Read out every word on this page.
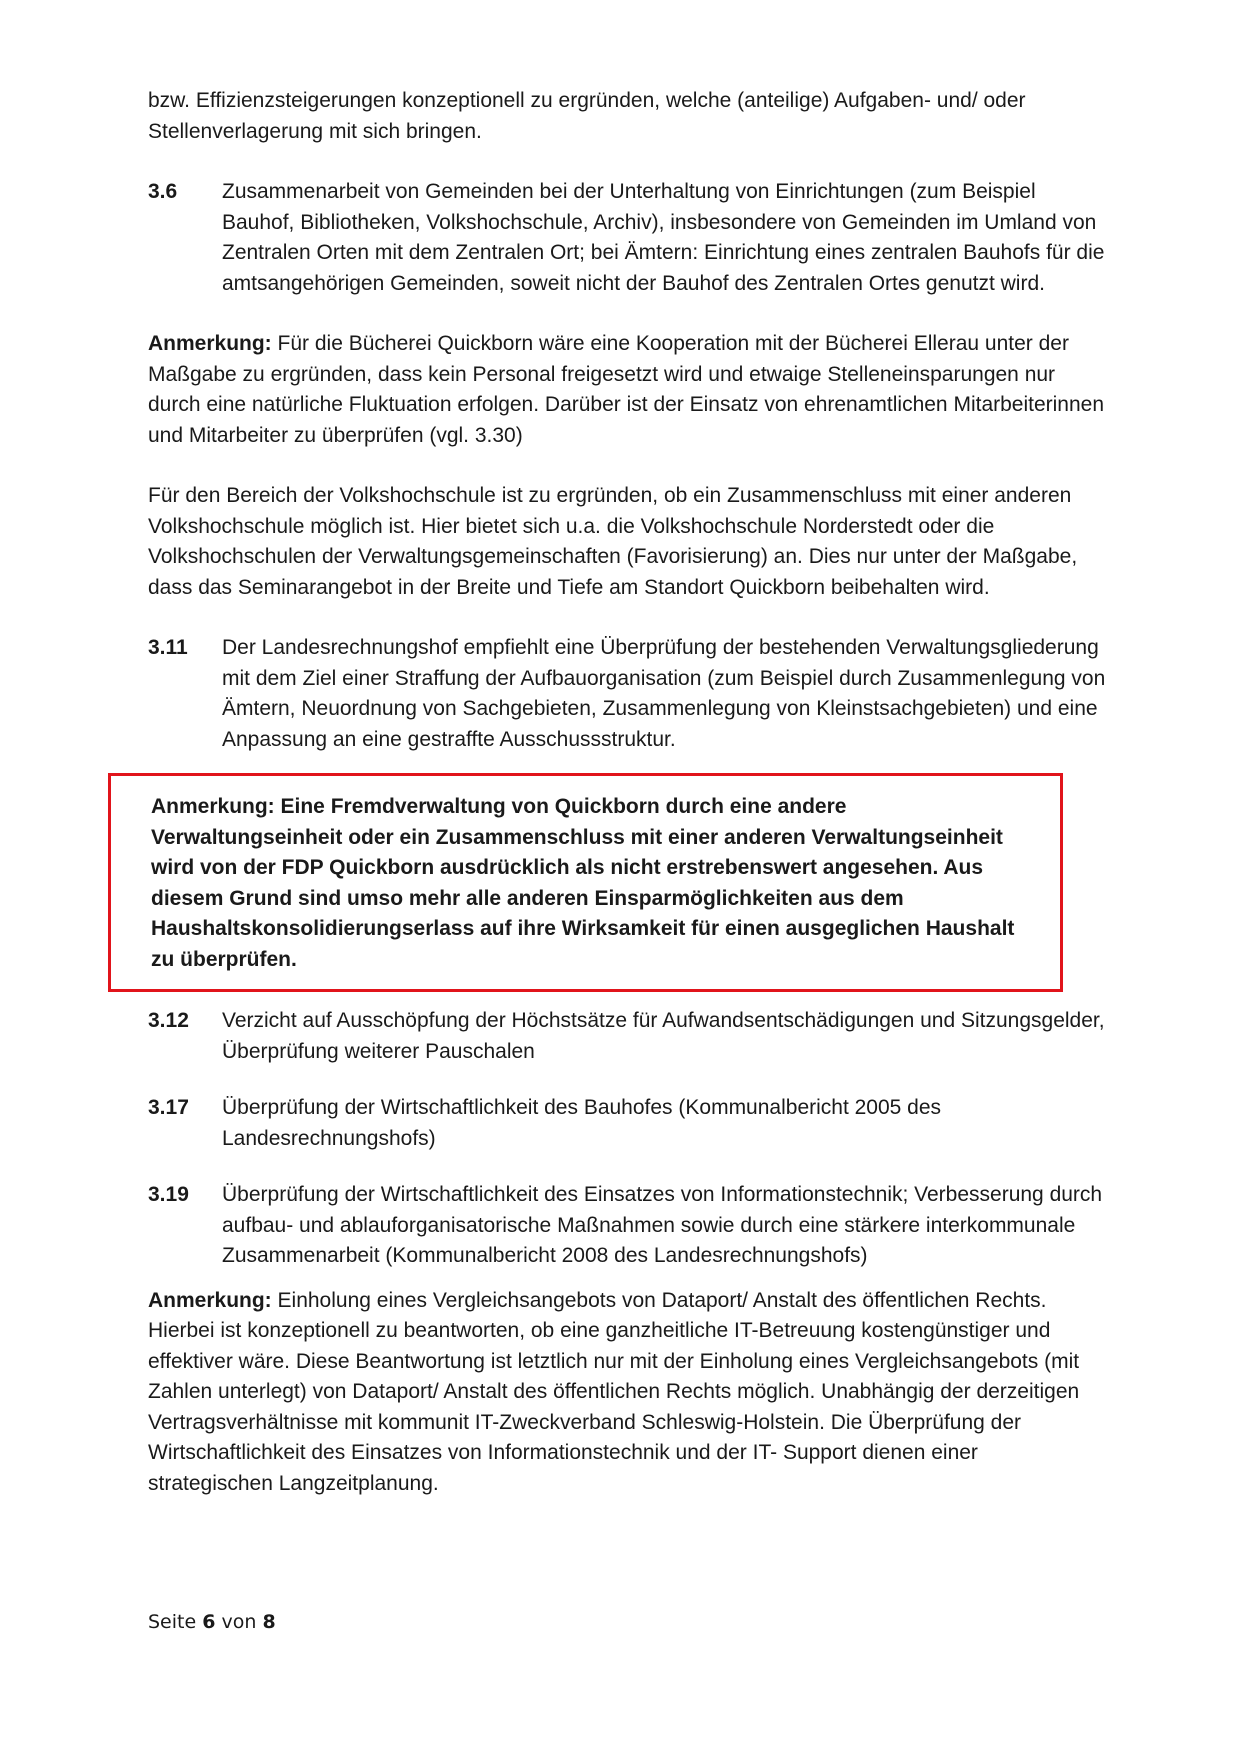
bzw. Effizienzsteigerungen konzeptionell zu ergründen, welche (anteilige) Aufgaben- und/ oder Stellenverlagerung mit sich bringen.

3.6	Zusammenarbeit von Gemeinden bei der Unterhaltung von Einrichtungen (zum Beispiel Bauhof, Bibliotheken, Volkshochschule, Archiv), insbesondere von Gemeinden im Umland von Zentralen Orten mit dem Zentralen Ort; bei Ämtern: Einrichtung eines zentralen Bauhofs für die amtsangehörigen Gemeinden, soweit nicht der Bauhof des Zentralen Ortes genutzt wird.

Anmerkung: Für die Bücherei Quickborn wäre eine Kooperation mit der Bücherei Ellerau unter der Maßgabe zu ergründen, dass kein Personal freigesetzt wird und etwaige Stelleneinsparungen nur durch eine natürliche Fluktuation erfolgen. Darüber ist der Einsatz von ehrenamtlichen Mitarbeiterinnen und Mitarbeiter zu überprüfen (vgl. 3.30)

Für den Bereich der Volkshochschule ist zu ergründen, ob ein Zusammenschluss mit einer anderen Volkshochschule möglich ist. Hier bietet sich u.a. die Volkshochschule Norderstedt oder die Volkshochschulen der Verwaltungsgemeinschaften (Favorisierung) an. Dies nur unter der Maßgabe, dass das Seminarangebot in der Breite und Tiefe am Standort Quickborn beibehalten wird.

3.11	Der Landesrechnungshof empfiehlt eine Überprüfung der bestehenden Verwaltungsgliederung mit dem Ziel einer Straffung der Aufbauorganisation (zum Beispiel durch Zusammenlegung von Ämtern, Neuordnung von Sachgebieten, Zusammenlegung von Kleinstsachgebieten) und eine Anpassung an eine gestraffte Ausschussstruktur.

Anmerkung: Eine Fremdverwaltung von Quickborn durch eine andere Verwaltungseinheit oder ein Zusammenschluss mit einer anderen Verwaltungseinheit wird von der FDP Quickborn ausdrücklich als nicht erstrebenswert angesehen. Aus diesem Grund sind umso mehr alle anderen Einsparmöglichkeiten aus dem Haushaltskonsolidierungserlass auf ihre Wirksamkeit für einen ausgeglichen Haushalt zu überprüfen.

3.12	Verzicht auf Ausschöpfung der Höchstsätze für Aufwandsentschädigungen und Sitzungsgelder, Überprüfung weiterer Pauschalen
3.17	Überprüfung der Wirtschaftlichkeit des Bauhofes (Kommunalbericht 2005 des Landesrechnungshofs)
3.19	Überprüfung der Wirtschaftlichkeit des Einsatzes von Informationstechnik; Verbesserung durch aufbau- und ablauforganisatorische Maßnahmen sowie durch eine stärkere interkommunale Zusammenarbeit (Kommunalbericht 2008 des Landesrechnungshofs)

Anmerkung: Einholung eines Vergleichsangebots von Dataport/ Anstalt des öffentlichen Rechts. Hierbei ist konzeptionell zu beantworten, ob eine ganzheitliche IT-Betreuung kostengünstiger und effektiver wäre. Diese Beantwortung ist letztlich nur mit der Einholung eines Vergleichsangebots (mit Zahlen unterlegt) von Dataport/ Anstalt des öffentlichen Rechts möglich. Unabhängig der derzeitigen Vertragsverhältnisse mit kommunit IT-Zweckverband Schleswig-Holstein. Die Überprüfung der Wirtschaftlichkeit des Einsatzes von Informationstechnik und der IT- Support dienen einer strategischen Langzeitplanung.

Seite 6 von 8
